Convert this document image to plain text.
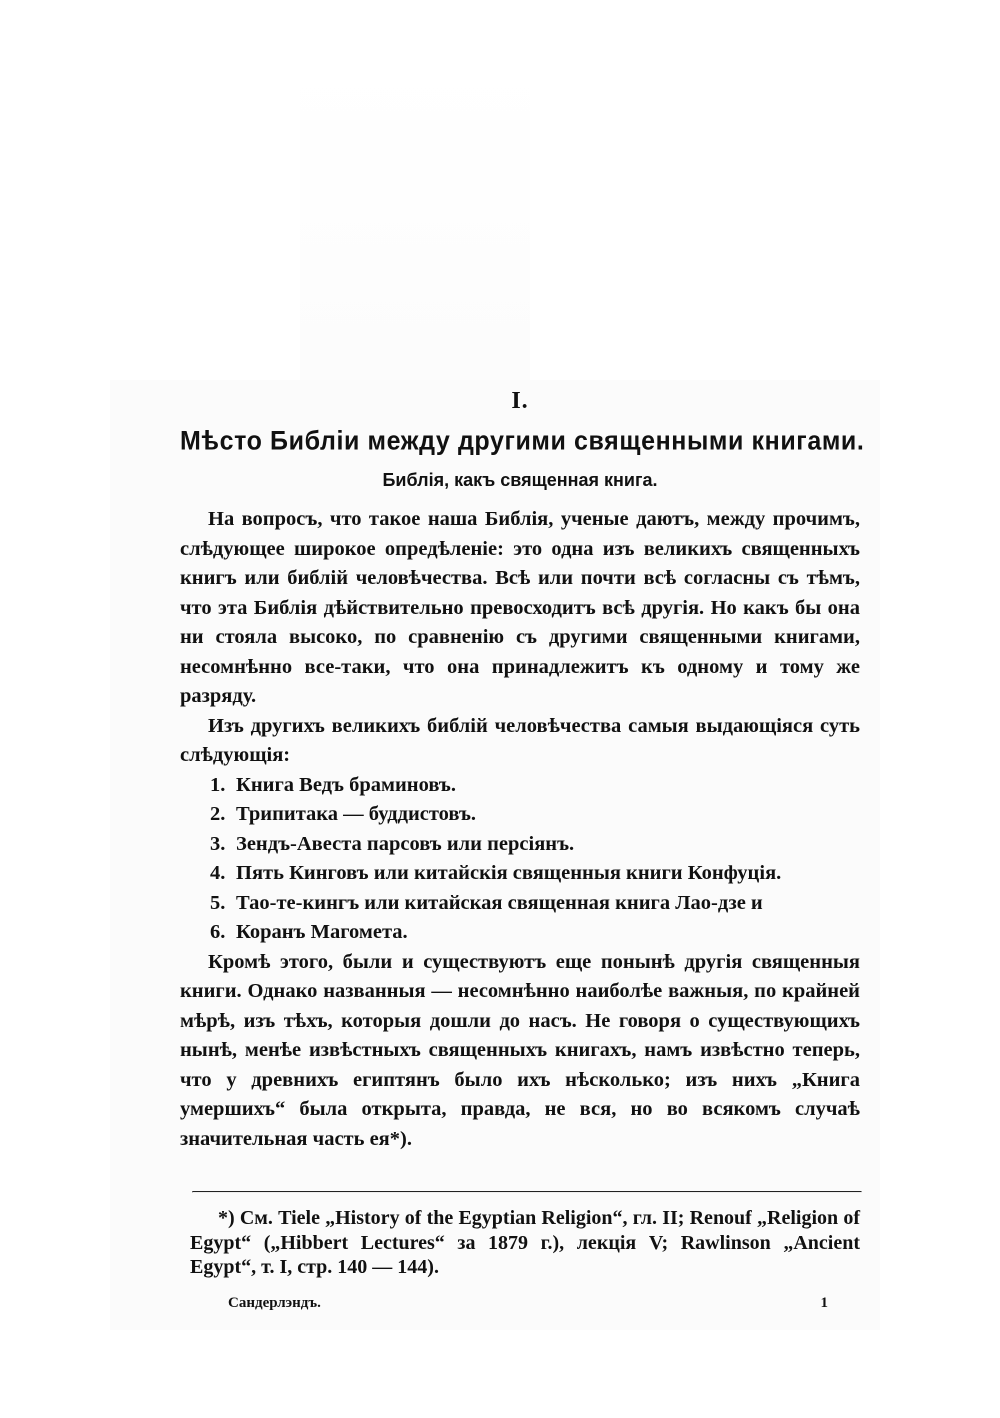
I.
Мѣсто Библіи между другими священными книгами.
Библія, какъ священная книга.

На вопросъ, что такое наша Библія, ученые даютъ, между прочимъ, слѣдующее широкое опредѣленіе: это одна изъ великихъ священныхъ книгъ или библій человѣчества. Всѣ или почти всѣ согласны съ тѣмъ, что эта Библія дѣйствительно превосходитъ всѣ другія. Но какъ бы она ни стояла высоко, по сравненію съ другими священными книгами, несомнѣнно все-таки, что она принадлежитъ къ одному и тому же разряду.

Изъ другихъ великихъ библій человѣчества самыя выдающіяся суть слѣдующія:

1. Книга Ведъ браминовъ.
2. Трипитака — буддистовъ.
3. Зендъ-Авеста парсовъ или персіянъ.
4. Пять Кинговъ или китайскія священныя книги Конфуція.
5. Тао-те-кингъ или китайская священная книга Лао-дзе и
6. Коранъ Магомета.

Кромѣ этого, были и существуютъ еще понынѣ другія священныя книги. Однако названныя — несомнѣнно наиболѣе важныя, по крайней мѣрѣ, изъ тѣхъ, которыя дошли до насъ. Не говоря о существующихъ нынѣ, менѣе извѣстныхъ священныхъ книгахъ, намъ извѣстно теперь, что у древнихъ египтянъ было ихъ нѣсколько; изъ нихъ „Книга умершихъ“ была открыта, правда, не вся, но во всякомъ случаѣ значительная часть ея*).

*) См. Tiele „History of the Egyptian Religion“, гл. II; Renouf „Religion of Egypt“ („Hibbert Lectures“ за 1879 г.), лекція V; Rawlinson „Ancient Egypt“, т. I, стр. 140 — 144).
Сандерлэндъ.	1
